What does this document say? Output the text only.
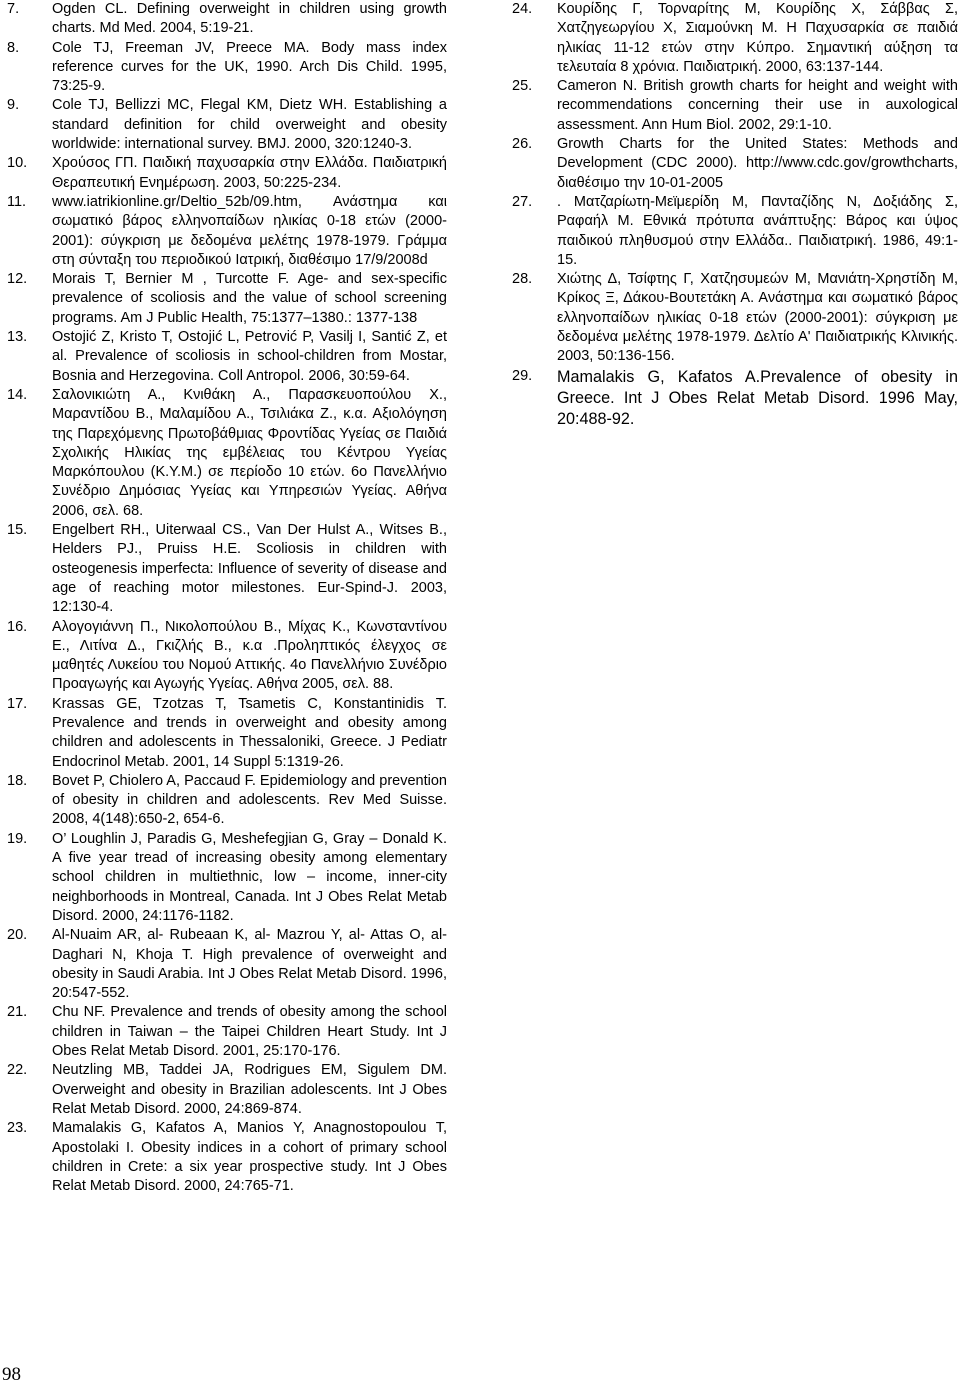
7.	Ogden CL. Defining overweight in children using growth charts. Md Med. 2004, 5:19-21.
8.	Cole TJ, Freeman JV, Preece MA. Body mass index reference curves for the UK, 1990. Arch Dis Child. 1995, 73:25-9.
9.	Cole TJ, Bellizzi MC, Flegal KM, Dietz WH. Establishing a standard definition for child overweight and obesity worldwide: international survey. BMJ. 2000, 320:1240-3.
10.	Χρούσος ΓΠ. Παιδική παχυσαρκία στην Ελλάδα. Παιδιατρική Θεραπευτική Ενημέρωση. 2003, 50:225-234.
11.	www.iatrikionline.gr/Deltio_52b/09.htm, Ανάστημα και σωματικό βάρος ελληνοπαίδων ηλικίας 0-18 ετών (2000-2001): σύγκριση με δεδομένα μελέτης 1978-1979. Γράμμα στη σύνταξη του περιοδικού Ιατρική, διαθέσιμο 17/9/2008d
12.	Morais T, Bernier M , Turcotte F. Age- and sex-specific prevalence of scoliosis and the value of school screening programs. Am J Public Health, 75:1377–1380.: 1377-138
13.	Ostojić Z, Kristo T, Ostojić L, Petrović P, Vasilj I, Santić Z, et al. Prevalence of scoliosis in school-children from Mostar, Bosnia and Herzegovina. Coll Antropol. 2006, 30:59-64.
14.	Σαλονικιώτη Α., Κνιθάκη Α., Παρασκευοπούλου Χ., Μαραντίδου Β., Μαλαμίδου Α., Τσιλιάκα Ζ., κ.α. Αξιολόγηση της Παρεχόμενης Πρωτοβάθμιας Φροντίδας Υγείας σε Παιδιά Σχολικής Ηλικίας της εμβέλειας του Κέντρου Υγείας Μαρκόπουλου (Κ.Υ.Μ.) σε περίοδο 10 ετών. 6ο Πανελλήνιο Συνέδριο Δημόσιας Υγείας και Υπηρεσιών Υγείας. Αθήνα 2006, σελ. 68.
15.	Engelbert RH., Uiterwaal CS., Van Der Hulst A., Witses B., Helders PJ., Pruiss H.E. Scoliosis in children with osteogenesis imperfecta: Influence of severity of disease and age of reaching motor milestones. Eur-Spind-J. 2003, 12:130-4.
16.	Αλογογιάννη Π., Νικολοπούλου Β., Μίχας Κ., Κωνσταντίνου Ε., Λιτίνα Δ., Γκιζλής Β., κ.α .Προληπτικός έλεγχος σε μαθητές Λυκείου του Νομού Αττικής. 4ο Πανελλήνιο Συνέδριο Προαγωγής και Αγωγής Υγείας. Αθήνα 2005, σελ. 88.
17.	Krassas GE, Tzotzas T, Tsametis C, Konstantinidis T. Prevalence and trends in overweight and obesity among children and adolescents in Thessaloniki, Greece. J Pediatr Endocrinol Metab. 2001, 14 Suppl 5:1319-26.
18.	Bovet P, Chiolero A, Paccaud F. Epidemiology and prevention of obesity in children and adolescents. Rev Med Suisse. 2008, 4(148):650-2, 654-6.
19.	O’ Loughlin J, Paradis G, Meshefegjian G, Gray – Donald K. A five year tread of increasing obesity among elementary school children in multiethnic, low – income, inner-city neighborhoods in Montreal, Canada. Int J Obes Relat Metab Disord. 2000, 24:1176-1182.
20.	Al-Nuaim AR, al- Rubeaan K, al- Mazrou Y, al- Attas O, al- Daghari N, Khoja T. High prevalence of overweight and obesity in Saudi Arabia. Int J Obes Relat Metab Disord. 1996, 20:547-552.
21.	Chu NF. Prevalence and trends of obesity among the school children in Taiwan – the Taipei Children Heart Study. Int J Obes Relat Metab Disord. 2001, 25:170-176.
22.	Neutzling MB, Taddei JA, Rodrigues EM, Sigulem DM. Overweight and obesity in Brazilian adolescents. Int J Obes Relat Metab Disord. 2000, 24:869-874.
23.	Mamalakis G, Kafatos A, Manios Y, Anagnostopoulou T, Apostolaki I. Obesity indices in a cohort of primary school children in Crete: a six year prospective study. Int J Obes Relat Metab Disord. 2000, 24:765-71.
24.	Κουρίδης Γ, Τορναρίτης Μ, Κουρίδης Χ, Σάββας Σ, Χατζηγεωργίου Χ, Σιαμούνκη Μ. Η Παχυσαρκία σε παιδιά ηλικίας 11-12 ετών στην Κύπρο. Σημαντική αύξηση τα τελευταία 8 χρόνια. Παιδιατρική. 2000, 63:137-144.
25.	Cameron N. British growth charts for height and weight with recommendations concerning their use in auxological assessment. Ann Hum Biol. 2002, 29:1-10.
26.	Growth Charts for the United States: Methods and Development (CDC 2000). http://www.cdc.gov/growthcharts, διαθέσιμο την 10-01-2005
27.	. Ματζαρίωτη-Μεϊμερίδη Μ, Πανταζίδης Ν, Δοξιάδης Σ, Ραφαήλ Μ. Εθνικά πρότυπα ανάπτυξης: Βάρος και ύψος παιδικού πληθυσμού στην Ελλάδα.. Παιδιατρική. 1986, 49:1-15.
28.	Χιώτης Δ, Τσίφτης Γ, Χατζησυμεών Μ, Μανιάτη-Χρηστίδη Μ, Κρίκος Ξ, Δάκου-Βουτετάκη Α. Ανάστημα και σωματικό βάρος ελληνοπαίδων ηλικίας 0-18 ετών (2000-2001): σύγκριση με δεδομένα μελέτης 1978-1979. Δελτίο Α' Παιδιατρικής Κλινικής. 2003, 50:136-156.
29.	Mamalakis G, Kafatos A.Prevalence of obesity in Greece. Int J Obes Relat Metab Disord. 1996 May, 20:488-92.
98
